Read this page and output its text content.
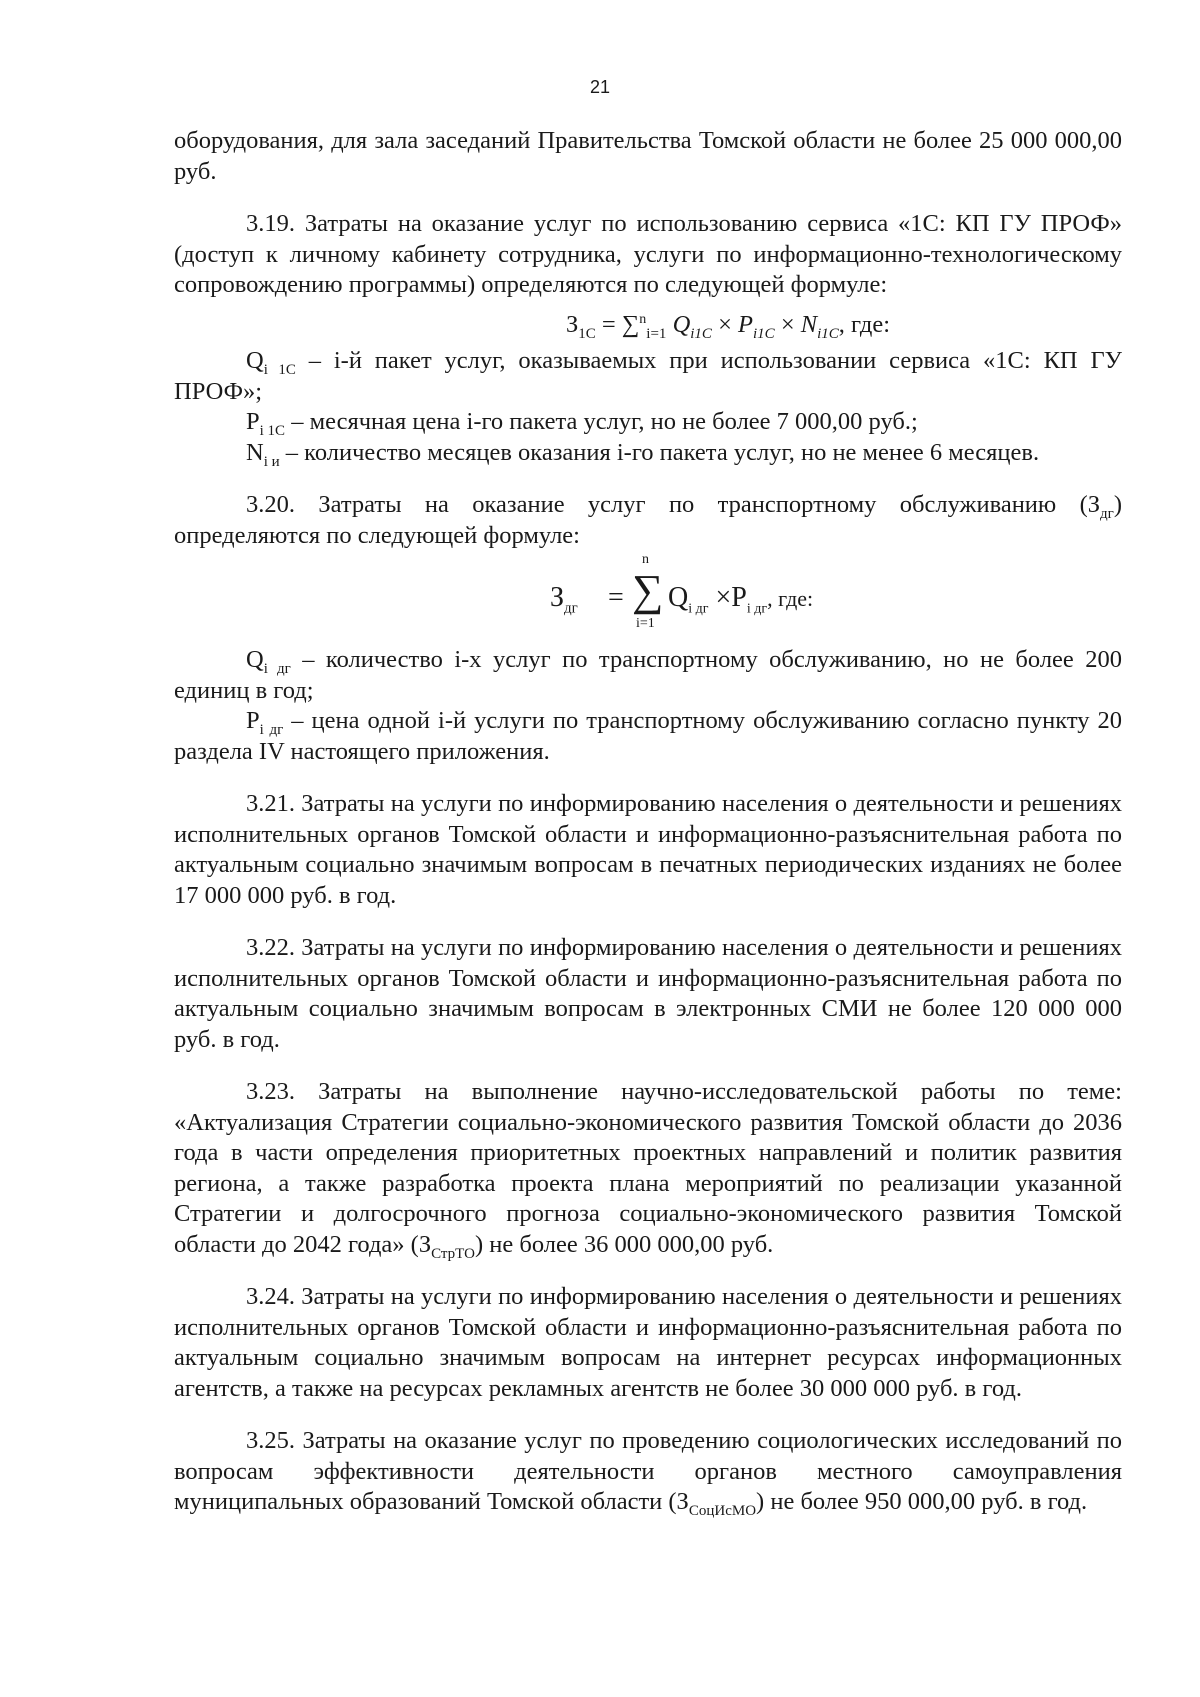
21

оборудования, для зала заседаний Правительства Томской области не более 25 000 000,00 руб.

3.19. Затраты на оказание услуг по использованию сервиса «1С: КП ГУ ПРОФ» (доступ к личному кабинету сотрудника, услуги по информационно-технологическому сопровождению программы) определяются по следующей формуле:

$З_{1С} = \sum^n_{i=1}$ $Q_{i1C} \times P_{i1C} \times N_{i1C}$, где:

$Q_{i 1С} - i-й$ пакет услуг, оказываемых при использовании сервиса «1С: КП ГУ ПРОФ»;

$P_{i 1С}$ – месячная цена i-го пакета услуг, но не более 7 000,00 руб.;

$N_{i и}$ – количество месяцев оказания i-го пакета услуг, но не менее 6 месяцев.

3.20. Затраты на оказание услуг по транспортному обслуживанию $(З_{дг})$ определяются по следующей формуле:

$З_{дг}$ =
n
∑
i=1
$Q_{i дг} \times P_{i дг}$, где:

$Q_{i дг}$ – количество i-х услуг по транспортному обслуживанию, но не более 200 единиц в год;

$P_{i дг}$ – цена одной i-й услуги по транспортному обслуживанию согласно пункту 20 раздела IV настоящего приложения.

3.21. Затраты на услуги по информированию населения о деятельности и решениях исполнительных органов Томской области и информационно-разъяснительная работа по актуальным социально значимым вопросам в печатных периодических изданиях не более 17 000 000 руб. в год.

3.22. Затраты на услуги по информированию населения о деятельности и решениях исполнительных органов Томской области и информационно-разъяснительная работа по актуальным социально значимым вопросам в электронных СМИ не более 120 000 000 руб. в год.

3.23. Затраты на выполнение научно-исследовательской работы по теме: «Актуализация Стратегии социально-экономического развития Томской области до 2036 года в части определения приоритетных проектных направлений и политик развития региона, а также разработка проекта плана мероприятий по реализации указанной Стратегии и долгосрочного прогноза социально-экономического развития Томской области до 2042 года» $(З_{СтрТО})$ не более 36 000 000,00 руб.

3.24. Затраты на услуги по информированию населения о деятельности и решениях исполнительных органов Томской области и информационно-разъяснительная работа по актуальным социально значимым вопросам на интернет ресурсах информационных агентств, а также на ресурсах рекламных агентств не более 30 000 000 руб. в год.

3.25. Затраты на оказание услуг по проведению социологических исследований по вопросам эффективности деятельности органов местного самоуправления муниципальных образований Томской области $(З_{СоцИсМО})$ не более 950 000,00 руб. в год.
